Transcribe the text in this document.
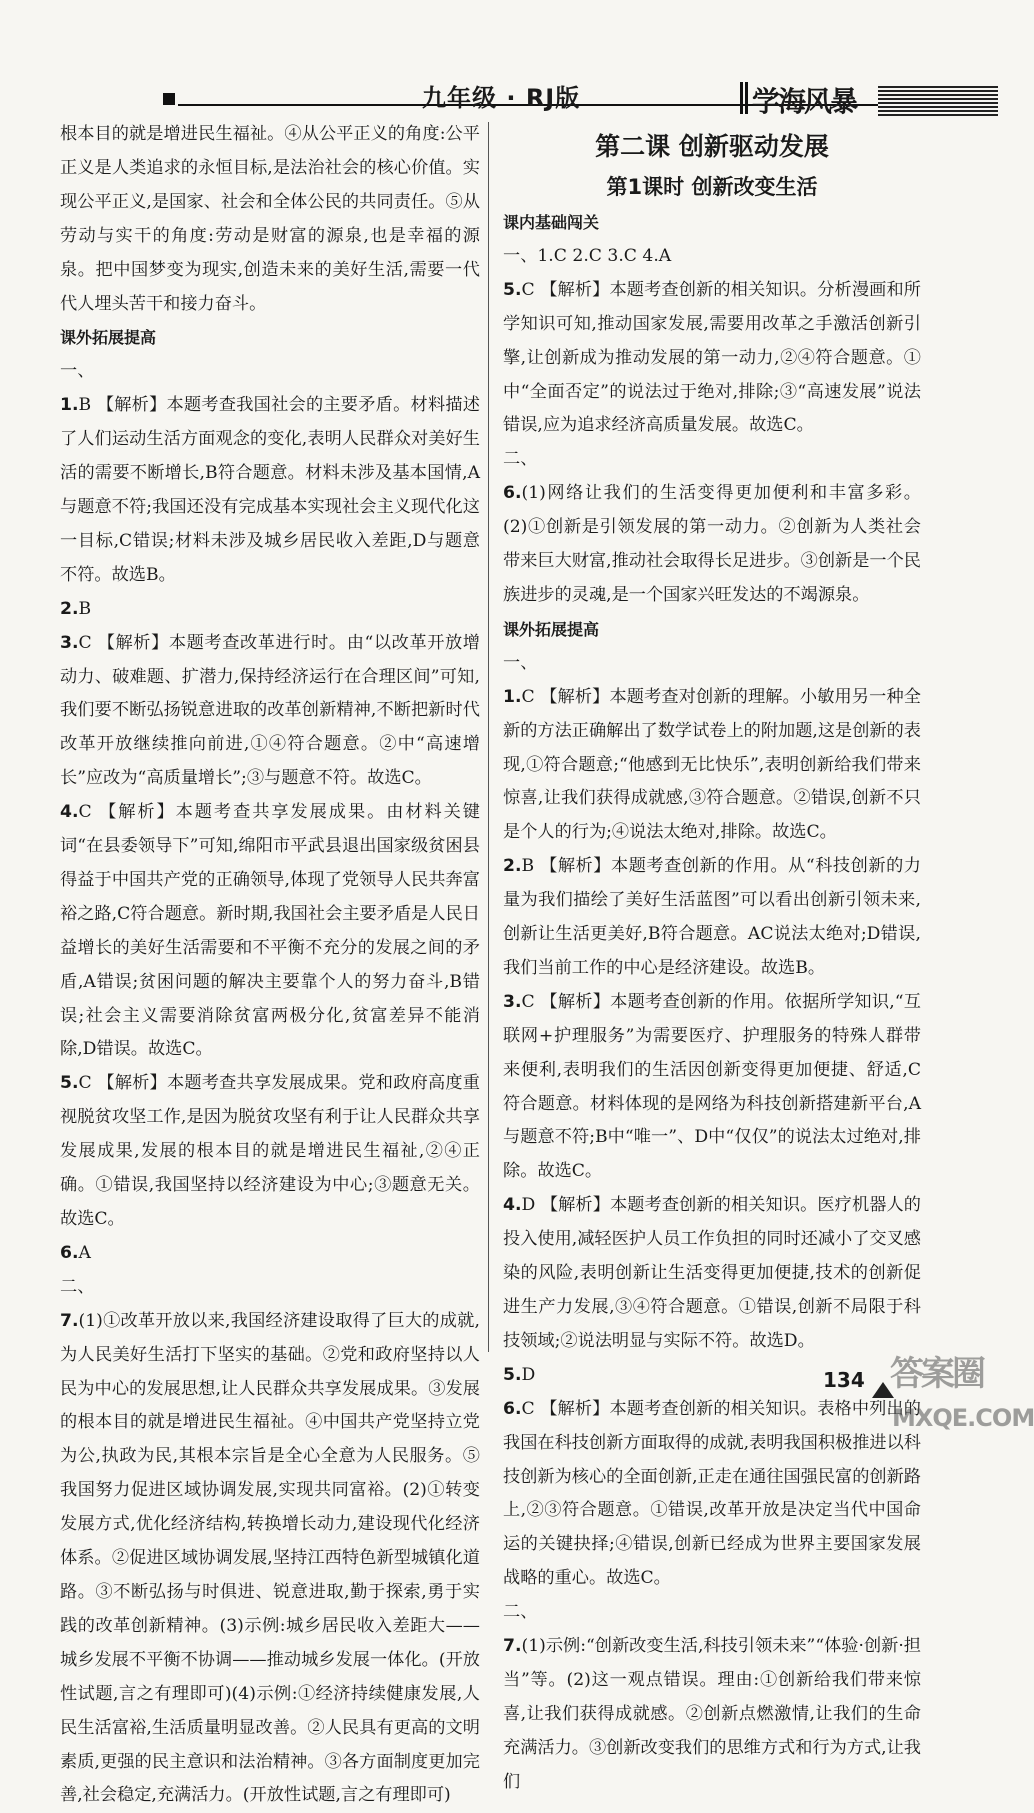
九年级 · RJ版	学海风暴

根本目的就是增进民生福祉。④从公平正义的角度:公平正义是人类追求的永恒目标,是法治社会的核心价值。实现公平正义,是国家、社会和全体公民的共同责任。⑤从劳动与实干的角度:劳动是财富的源泉,也是幸福的源泉。把中国梦变为现实,创造未来的美好生活,需要一代代人埋头苦干和接力奋斗。

课外拓展提高

一、

1.B 【解析】本题考查我国社会的主要矛盾。材料描述了人们运动生活方面观念的变化,表明人民群众对美好生活的需要不断增长,B符合题意。材料未涉及基本国情,A与题意不符;我国还没有完成基本实现社会主义现代化这一目标,C错误;材料未涉及城乡居民收入差距,D与题意不符。故选B。

2.B

3.C 【解析】本题考查改革进行时。由“以改革开放增动力、破难题、扩潜力,保持经济运行在合理区间”可知,我们要不断弘扬锐意进取的改革创新精神,不断把新时代改革开放继续推向前进,①④符合题意。②中“高速增长”应改为“高质量增长”;③与题意不符。故选C。

4.C 【解析】本题考查共享发展成果。由材料关键词“在县委领导下”可知,绵阳市平武县退出国家级贫困县得益于中国共产党的正确领导,体现了党领导人民共奔富裕之路,C符合题意。新时期,我国社会主要矛盾是人民日益增长的美好生活需要和不平衡不充分的发展之间的矛盾,A错误;贫困问题的解决主要靠个人的努力奋斗,B错误;社会主义需要消除贫富两极分化,贫富差异不能消除,D错误。故选C。

5.C 【解析】本题考查共享发展成果。党和政府高度重视脱贫攻坚工作,是因为脱贫攻坚有利于让人民群众共享发展成果,发展的根本目的就是增进民生福祉,②④正确。①错误,我国坚持以经济建设为中心;③题意无关。故选C。

6.A

二、

7.(1)①改革开放以来,我国经济建设取得了巨大的成就,为人民美好生活打下坚实的基础。②党和政府坚持以人民为中心的发展思想,让人民群众共享发展成果。③发展的根本目的就是增进民生福祉。④中国共产党坚持立党为公,执政为民,其根本宗旨是全心全意为人民服务。⑤我国努力促进区域协调发展,实现共同富裕。(2)①转变发展方式,优化经济结构,转换增长动力,建设现代化经济体系。②促进区域协调发展,坚持江西特色新型城镇化道路。③不断弘扬与时俱进、锐意进取,勤于探索,勇于实践的改革创新精神。(3)示例:城乡居民收入差距大——城乡发展不平衡不协调——推动城乡发展一体化。(开放性试题,言之有理即可)(4)示例:①经济持续健康发展,人民生活富裕,生活质量明显改善。②人民具有更高的文明素质,更强的民主意识和法治精神。③各方面制度更加完善,社会稳定,充满活力。(开放性试题,言之有理即可)

第二课 创新驱动发展
第1课时 创新改变生活

课内基础闯关

一、1.C 2.C 3.C 4.A

5.C 【解析】本题考查创新的相关知识。分析漫画和所学知识可知,推动国家发展,需要用改革之手激活创新引擎,让创新成为推动发展的第一动力,②④符合题意。①中“全面否定”的说法过于绝对,排除;③“高速发展”说法错误,应为追求经济高质量发展。故选C。

二、

6.(1)网络让我们的生活变得更加便利和丰富多彩。(2)①创新是引领发展的第一动力。②创新为人类社会带来巨大财富,推动社会取得长足进步。③创新是一个民族进步的灵魂,是一个国家兴旺发达的不竭源泉。

课外拓展提高

一、

1.C 【解析】本题考查对创新的理解。小敏用另一种全新的方法正确解出了数学试卷上的附加题,这是创新的表现,①符合题意;“他感到无比快乐”,表明创新给我们带来惊喜,让我们获得成就感,③符合题意。②错误,创新不只是个人的行为;④说法太绝对,排除。故选C。

2.B 【解析】本题考查创新的作用。从“科技创新的力量为我们描绘了美好生活蓝图”可以看出创新引领未来,创新让生活更美好,B符合题意。AC说法太绝对;D错误,我们当前工作的中心是经济建设。故选B。

3.C 【解析】本题考查创新的作用。依据所学知识,“互联网+护理服务”为需要医疗、护理服务的特殊人群带来便利,表明我们的生活因创新变得更加便捷、舒适,C符合题意。材料体现的是网络为科技创新搭建新平台,A与题意不符;B中“唯一”、D中“仅仅”的说法太过绝对,排除。故选C。

4.D 【解析】本题考查创新的相关知识。医疗机器人的投入使用,减轻医护人员工作负担的同时还减小了交叉感染的风险,表明创新让生活变得更加便捷,技术的创新促进生产力发展,③④符合题意。①错误,创新不局限于科技领域;②说法明显与实际不符。故选D。

5.D

6.C 【解析】本题考查创新的相关知识。表格中列出的我国在科技创新方面取得的成就,表明我国积极推进以科技创新为核心的全面创新,正走在通往国强民富的创新路上,②③符合题意。①错误,改革开放是决定当代中国命运的关键抉择;④错误,创新已经成为世界主要国家发展战略的重心。故选C。

二、

7.(1)示例:“创新改变生活,科技引领未来”“体验·创新·担当”等。(2)这一观点错误。理由:①创新给我们带来惊喜,让我们获得成就感。②创新点燃激情,让我们的生命充满活力。③创新改变我们的思维方式和行为方式,让我们

134 答案圈
MXQE.COM
